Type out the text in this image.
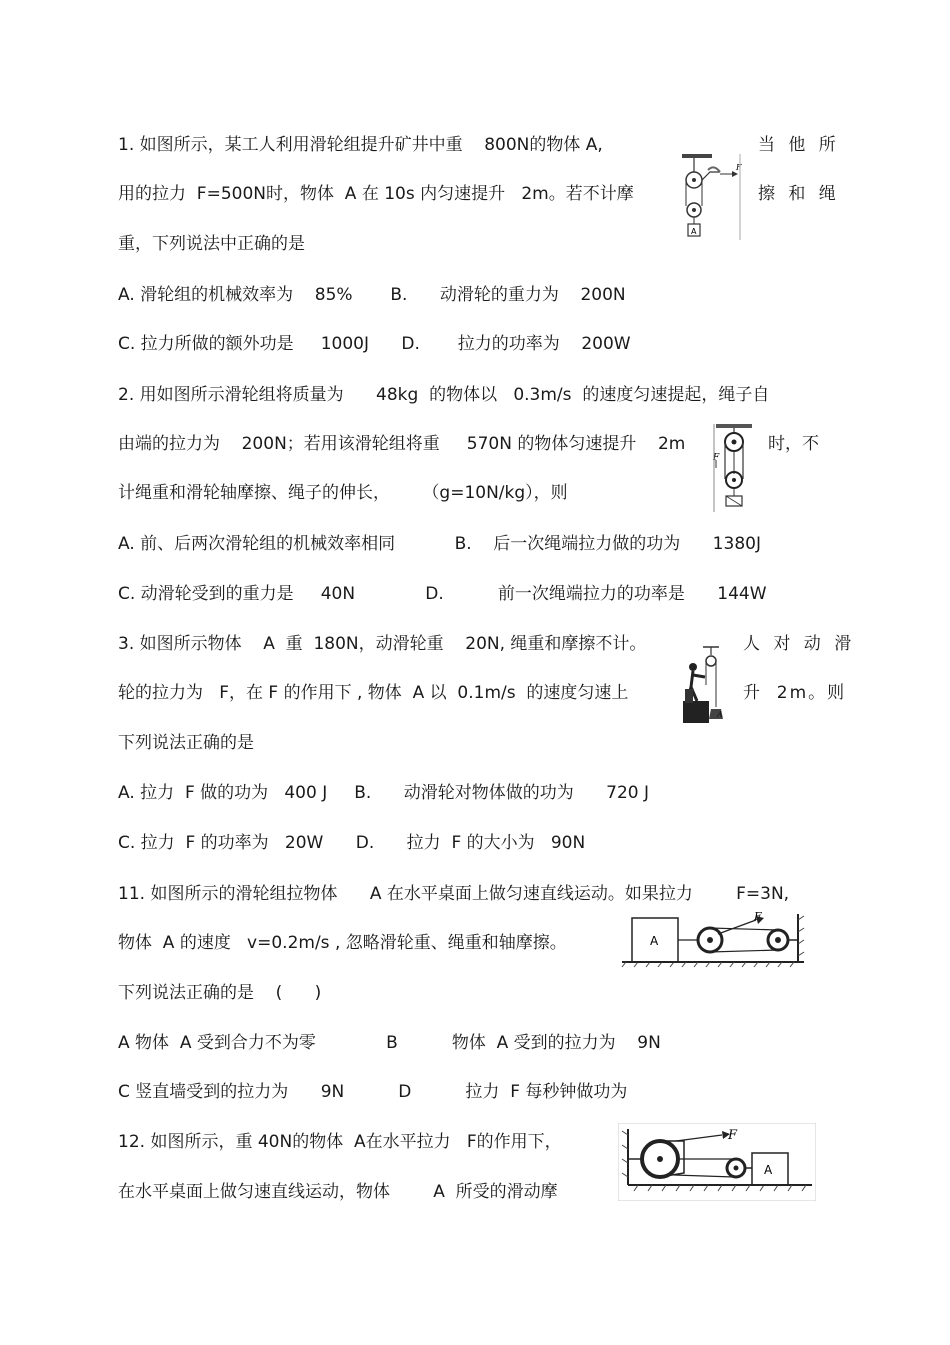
1. 如图所示，某工人利用滑轮组提升矿井中重    800N的物体 A,	当 他 所
用的拉力  F=500N时，物体  A 在 10s 内匀速提升   2m。若不计摩	擦 和 绳
重，下列说法中正确的是
A. 滑轮组的机械效率为    85%       B.      动滑轮的重力为    200N
C. 拉力所做的额外功是     1000J      D.       拉力的功率为    200W
A
F
2. 用如图所示滑轮组将质量为      48kg  的物体以   0.3m/s  的速度匀速提起，绳子自
由端的拉力为    200N；若用该滑轮组将重     570N 的物体匀速提升    2m	时，不
计绳重和滑轮轴摩擦、绳子的伸长，      （g=10N/kg），则
A. 前、后两次滑轮组的机械效率相同           B.    后一次绳端拉力做的功为      1380J
C. 动滑轮受到的重力是     40N             D.          前一次绳端拉力的功率是      144W
F
3. 如图所示物体    A  重  180N，动滑轮重    20N, 绳重和摩擦不计。	人 对 动 滑
轮的拉力为   F，在 F 的作用下 , 物体  A 以  0.1m/s  的速度匀速上	升  2m。则
下列说法正确的是
A. 拉力  F 做的功为   400 J     B.      动滑轮对物体做的功为      720 J
C. 拉力  F 的功率为   20W      D.      拉力  F 的大小为   90N
A
11. 如图所示的滑轮组拉物体      A 在水平桌面上做匀速直线运动。如果拉力        F=3N,
物体  A 的速度   v=0.2m/s , 忽略滑轮重、绳重和轴摩擦。
下列说法正确的是    (      )
A 物体  A 受到合力不为零             B          物体  A 受到的拉力为    9N
C 竖直墙受到的拉力为      9N          D          拉力  F 每秒钟做功为
A
F
12. 如图所示，重 40N的物体  A在水平拉力   F的作用下，
在水平桌面上做匀速直线运动，物体        A  所受的滑动摩
F
A
